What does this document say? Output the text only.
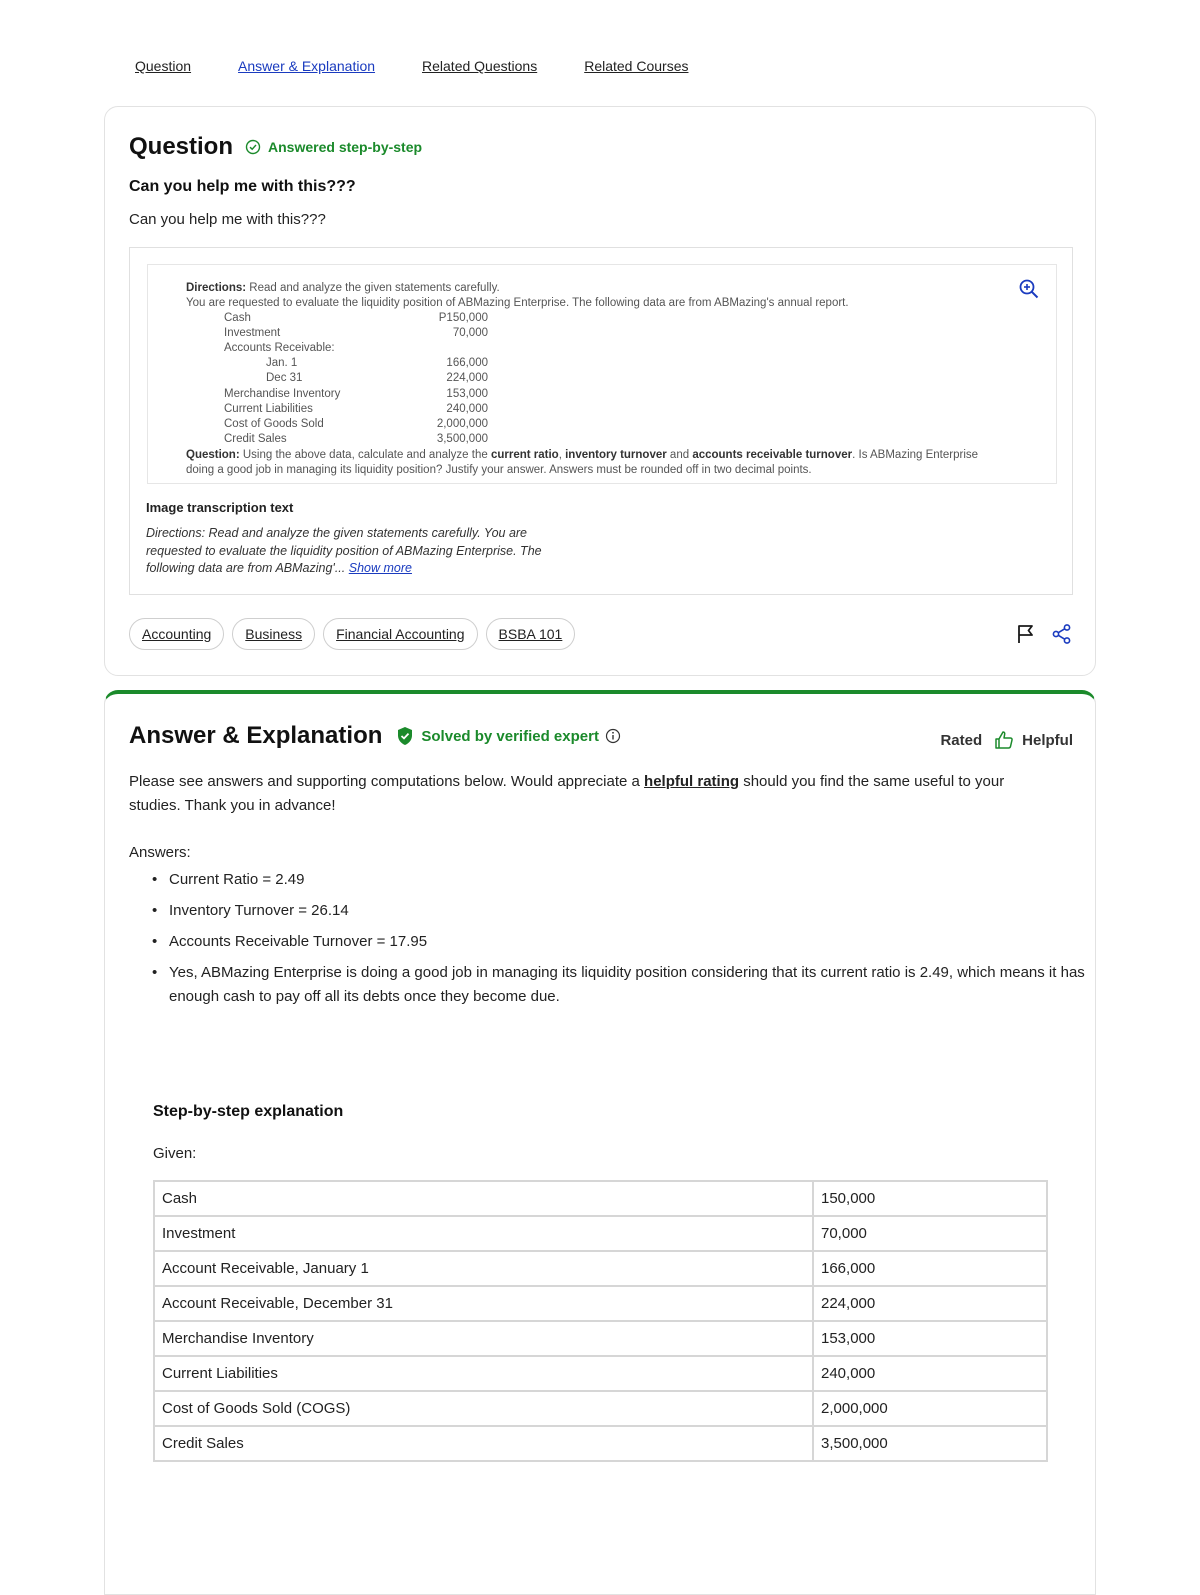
Question	Answer & Explanation	Related Questions	Related Courses
Question	Answered step-by-step
Can you help me with this???
Can you help me with this???
Directions: Read and analyze the given statements carefully.
You are requested to evaluate the liquidity position of ABMazing Enterprise. The following data are from ABMazing's annual report.
Cash	P150,000
Investment	70,000
Accounts Receivable:
Jan. 1	166,000
Dec 31	224,000
Merchandise Inventory	153,000
Current Liabilities	240,000
Cost of Goods Sold	2,000,000
Credit Sales	3,500,000
Question: Using the above data, calculate and analyze the current ratio, inventory turnover and accounts receivable turnover. Is ABMazing Enterprise
doing a good job in managing its liquidity position? Justify your answer. Answers must be rounded off in two decimal points.
Image transcription text
Directions: Read and analyze the given statements carefully. You are requested to evaluate the liquidity position of ABMazing Enterprise. The following data are from ABMazing'... Show more
Accounting	Business	Financial Accounting	BSBA 101
Answer & Explanation	Solved by verified expert	Rated	Helpful
Please see answers and supporting computations below. Would appreciate a helpful rating should you find the same useful to your studies. Thank you in advance!
Answers:
• Current Ratio = 2.49
• Inventory Turnover = 26.14
• Accounts Receivable Turnover = 17.95
• Yes, ABMazing Enterprise is doing a good job in managing its liquidity position considering that its current ratio is 2.49, which means it has enough cash to pay off all its debts once they become due.
Step-by-step explanation
Given:
Cash	150,000
Investment	70,000
Account Receivable, January 1	166,000
Account Receivable, December 31	224,000
Merchandise Inventory	153,000
Current Liabilities	240,000
Cost of Goods Sold (COGS)	2,000,000
Credit Sales	3,500,000
